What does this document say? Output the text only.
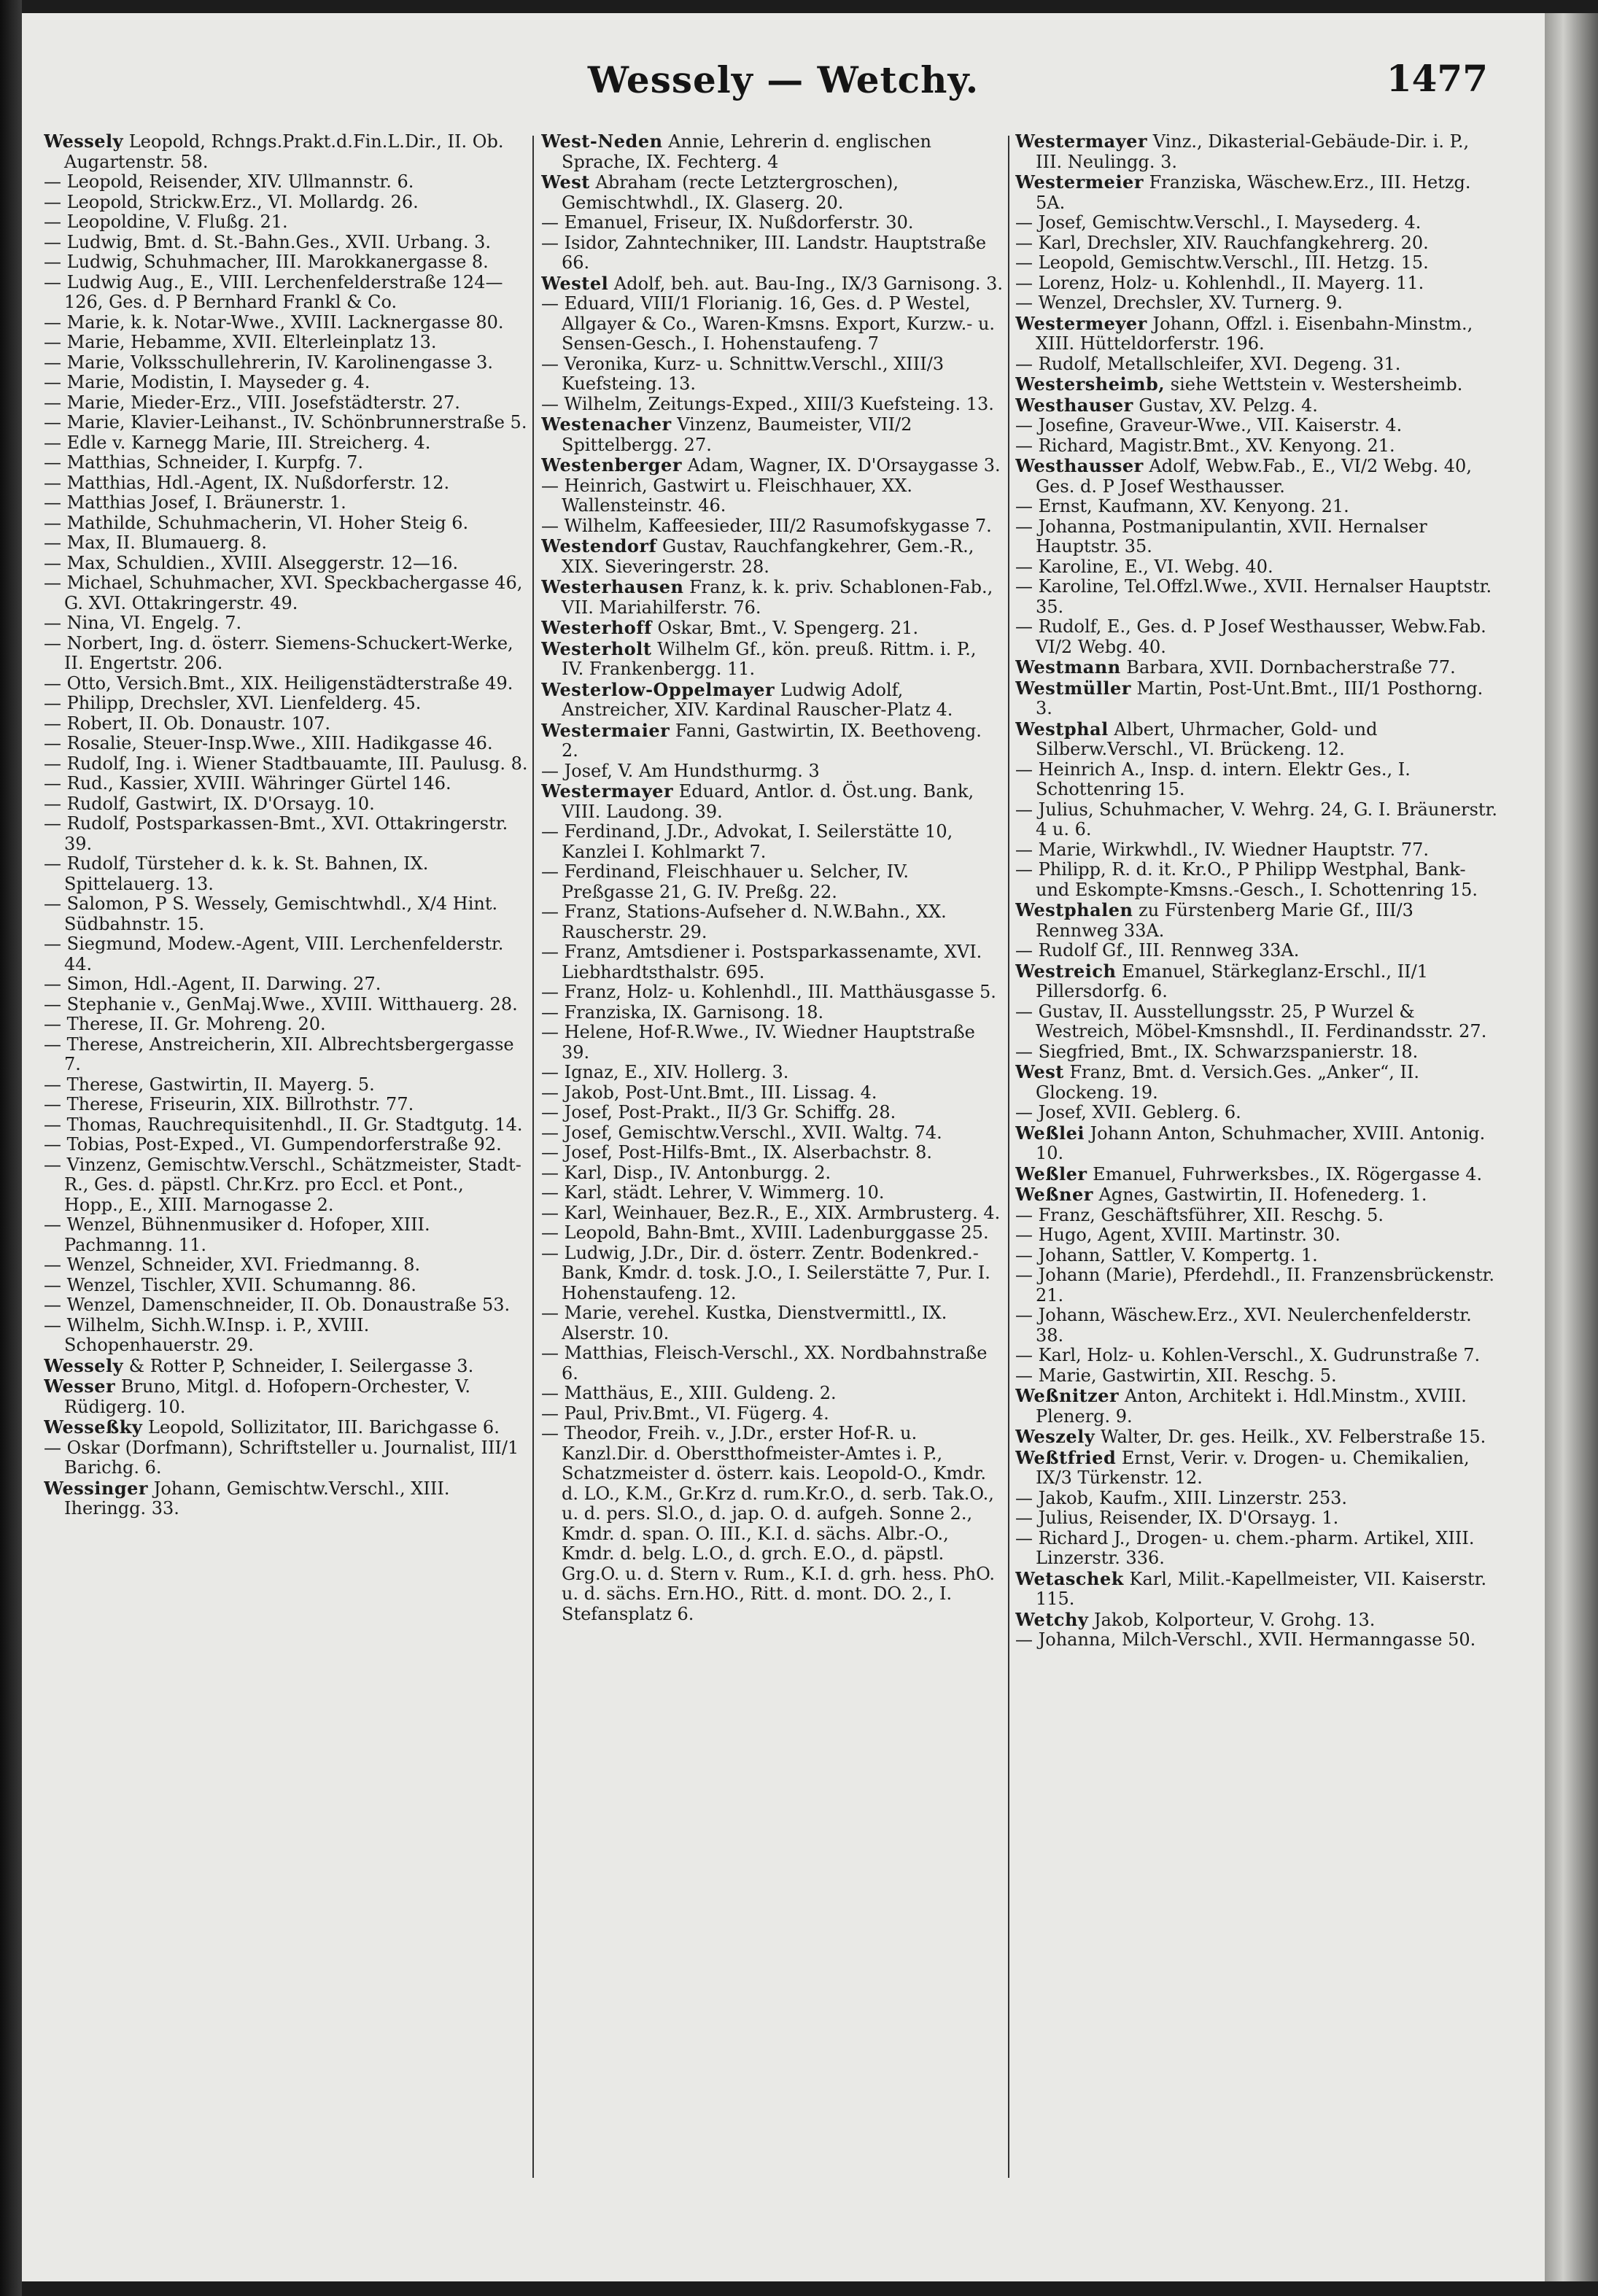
Wessely — Wetchy.	1477

Wessely Leopold, Rchngs.Prakt.d.Fin.L.Dir., II. Ob. Augartenstr. 58.

— Leopold, Reisender, XIV. Ullmannstr. 6.

— Leopold, Strickw.Erz., VI. Mollardg. 26.

— Leopoldine, V. Flußg. 21.

— Ludwig, Bmt. d. St.-Bahn.Ges., XVII. Urbang. 3.

— Ludwig, Schuhmacher, III. Marokkanergasse 8.

— Ludwig Aug., E., VIII. Lerchenfelderstraße 124—126, Ges. d. P Bernhard Frankl & Co.

— Marie, k. k. Notar-Wwe., XVIII. Lacknergasse 80.

— Marie, Hebamme, XVII. Elterleinplatz 13.

— Marie, Volksschullehrerin, IV. Karolinengasse 3.

— Marie, Modistin, I. Mayseder g. 4.

— Marie, Mieder-Erz., VIII. Josefstädterstr. 27.

— Marie, Klavier-Leihanst., IV. Schönbrunnerstraße 5.

— Edle v. Karnegg Marie, III. Streicherg. 4.

— Matthias, Schneider, I. Kurpfg. 7.

— Matthias, Hdl.-Agent, IX. Nußdorferstr. 12.

— Matthias Josef, I. Bräunerstr. 1.

— Mathilde, Schuhmacherin, VI. Hoher Steig 6.

— Max, II. Blumauerg. 8.

— Max, Schuldien., XVIII. Alseggerstr. 12—16.

— Michael, Schuhmacher, XVI. Speckbachergasse 46, G. XVI. Ottakringerstr. 49.

— Nina, VI. Engelg. 7.

— Norbert, Ing. d. österr. Siemens-Schuckert-Werke, II. Engertstr. 206.

— Otto, Versich.Bmt., XIX. Heiligenstädterstraße 49.

— Philipp, Drechsler, XVI. Lienfelderg. 45.

— Robert, II. Ob. Donaustr. 107.

— Rosalie, Steuer-Insp.Wwe., XIII. Hadikgasse 46.

— Rudolf, Ing. i. Wiener Stadtbauamte, III. Paulusg. 8.

— Rud., Kassier, XVIII. Währinger Gürtel 146.

— Rudolf, Gastwirt, IX. D'Orsayg. 10.

— Rudolf, Postsparkassen-Bmt., XVI. Ottakringerstr. 39.

— Rudolf, Türsteher d. k. k. St. Bahnen, IX. Spittelauerg. 13.

— Salomon, P S. Wessely, Gemischtwhdl., X/4 Hint. Südbahnstr. 15.

— Siegmund, Modew.-Agent, VIII. Lerchenfelderstr. 44.

— Simon, Hdl.-Agent, II. Darwing. 27.

— Stephanie v., GenMaj.Wwe., XVIII. Witthauerg. 28.

— Therese, II. Gr. Mohreng. 20.

— Therese, Anstreicherin, XII. Albrechtsbergergasse 7.

— Therese, Gastwirtin, II. Mayerg. 5.

— Therese, Friseurin, XIX. Billrothstr. 77.

— Thomas, Rauchrequisitenhdl., II. Gr. Stadtgutg. 14.

— Tobias, Post-Exped., VI. Gumpendorferstraße 92.

— Vinzenz, Gemischtw.Verschl., Schätzmeister, Stadt-R., Ges. d. päpstl. Chr.Krz. pro Eccl. et Pont., Hopp., E., XIII. Marnogasse 2.

— Wenzel, Bühnenmusiker d. Hofoper, XIII. Pachmanng. 11.

— Wenzel, Schneider, XVI. Friedmanng. 8.

— Wenzel, Tischler, XVII. Schumanng. 86.

— Wenzel, Damenschneider, II. Ob. Donaustraße 53.

— Wilhelm, Sichh.W.Insp. i. P., XVIII. Schopenhauerstr. 29.

Wessely & Rotter P, Schneider, I. Seilergasse 3.

Wesser Bruno, Mitgl. d. Hofopern-Orchester, V. Rüdigerg. 10.

Wesseßky Leopold, Sollizitator, III. Barichgasse 6.

— Oskar (Dorfmann), Schriftsteller u. Journalist, III/1 Barichg. 6.

Wessinger Johann, Gemischtw.Verschl., XIII. Iheringg. 33.

West-Neden Annie, Lehrerin d. englischen Sprache, IX. Fechterg. 4

West Abraham (recte Letztergroschen), Gemischtwhdl., IX. Glaserg. 20.

— Emanuel, Friseur, IX. Nußdorferstr. 30.

— Isidor, Zahntechniker, III. Landstr. Hauptstraße 66.

Westel Adolf, beh. aut. Bau-Ing., IX/3 Garnisong. 3.

— Eduard, VIII/1 Florianig. 16, Ges. d. P Westel, Allgayer & Co., Waren-Kmsns. Export, Kurzw.- u. Sensen-Gesch., I. Hohenstaufeng. 7

— Veronika, Kurz- u. Schnittw.Verschl., XIII/3 Kuefsteing. 13.

— Wilhelm, Zeitungs-Exped., XIII/3 Kuefsteing. 13.

Westenacher Vinzenz, Baumeister, VII/2 Spittelbergg. 27.

Westenberger Adam, Wagner, IX. D'Orsaygasse 3.

— Heinrich, Gastwirt u. Fleischhauer, XX. Wallensteinstr. 46.

— Wilhelm, Kaffeesieder, III/2 Rasumofskygasse 7.

Westendorf Gustav, Rauchfangkehrer, Gem.-R., XIX. Sieveringerstr. 28.

Westerhausen Franz, k. k. priv. Schablonen-Fab., VII. Mariahilferstr. 76.

Westerhoff Oskar, Bmt., V. Spengerg. 21.

Westerholt Wilhelm Gf., kön. preuß. Rittm. i. P., IV. Frankenbergg. 11.

Westerlow-Oppelmayer Ludwig Adolf, Anstreicher, XIV. Kardinal Rauscher-Platz 4.

Westermaier Fanni, Gastwirtin, IX. Beethoveng. 2.

— Josef, V. Am Hundsthurmg. 3

Westermayer Eduard, Antlor. d. Öst.ung. Bank, VIII. Laudong. 39.

— Ferdinand, J.Dr., Advokat, I. Seilerstätte 10, Kanzlei I. Kohlmarkt 7.

— Ferdinand, Fleischhauer u. Selcher, IV. Preßgasse 21, G. IV. Preßg. 22.

— Franz, Stations-Aufseher d. N.W.Bahn., XX. Rauscherstr. 29.

— Franz, Amtsdiener i. Postsparkassenamte, XVI. Liebhardtsthalstr. 695.

— Franz, Holz- u. Kohlenhdl., III. Matthäusgasse 5.

— Franziska, IX. Garnisong. 18.

— Helene, Hof-R.Wwe., IV. Wiedner Hauptstraße 39.

— Ignaz, E., XIV. Hollerg. 3.

— Jakob, Post-Unt.Bmt., III. Lissag. 4.

— Josef, Post-Prakt., II/3 Gr. Schiffg. 28.

— Josef, Gemischtw.Verschl., XVII. Waltg. 74.

— Josef, Post-Hilfs-Bmt., IX. Alserbachstr. 8.

— Karl, Disp., IV. Antonburgg. 2.

— Karl, städt. Lehrer, V. Wimmerg. 10.

— Karl, Weinhauer, Bez.R., E., XIX. Armbrusterg. 4.

— Leopold, Bahn-Bmt., XVIII. Ladenburggasse 25.

— Ludwig, J.Dr., Dir. d. österr. Zentr. Bodenkred.-Bank, Kmdr. d. tosk. J.O., I. Seilerstätte 7, Pur. I. Hohenstaufeng. 12.

— Marie, verehel. Kustka, Dienstvermittl., IX. Alserstr. 10.

— Matthias, Fleisch-Verschl., XX. Nordbahnstraße 6.

— Matthäus, E., XIII. Guldeng. 2.

— Paul, Priv.Bmt., VI. Fügerg. 4.

— Theodor, Freih. v., J.Dr., erster Hof-R. u. Kanzl.Dir. d. Oberstthofmeister-Amtes i. P., Schatzmeister d. österr. kais. Leopold-O., Kmdr. d. LO., K.M., Gr.Krz d. rum.Kr.O., d. serb. Tak.O., u. d. pers. Sl.O., d. jap. O. d. aufgeh. Sonne 2., Kmdr. d. span. O. III., K.I. d. sächs. Albr.-O., Kmdr. d. belg. L.O., d. grch. E.O., d. päpstl. Grg.O. u. d. Stern v. Rum., K.I. d. grh. hess. PhO. u. d. sächs. Ern.HO., Ritt. d. mont. DO. 2., I. Stefansplatz 6.

Westermayer Vinz., Dikasterial-Gebäude-Dir. i. P., III. Neulingg. 3.

Westermeier Franziska, Wäschew.Erz., III. Hetzg. 5A.

— Josef, Gemischtw.Verschl., I. Maysederg. 4.

— Karl, Drechsler, XIV. Rauchfangkehrerg. 20.

— Leopold, Gemischtw.Verschl., III. Hetzg. 15.

— Lorenz, Holz- u. Kohlenhdl., II. Mayerg. 11.

— Wenzel, Drechsler, XV. Turnerg. 9.

Westermeyer Johann, Offzl. i. Eisenbahn-Minstm., XIII. Hütteldorferstr. 196.

— Rudolf, Metallschleifer, XVI. Degeng. 31.

Westersheimb, siehe Wettstein v. Westersheimb.

Westhauser Gustav, XV. Pelzg. 4.

— Josefine, Graveur-Wwe., VII. Kaiserstr. 4.

— Richard, Magistr.Bmt., XV. Kenyong. 21.

Westhausser Adolf, Webw.Fab., E., VI/2 Webg. 40, Ges. d. P Josef Westhausser.

— Ernst, Kaufmann, XV. Kenyong. 21.

— Johanna, Postmanipulantin, XVII. Hernalser Hauptstr. 35.

— Karoline, E., VI. Webg. 40.

— Karoline, Tel.Offzl.Wwe., XVII. Hernalser Hauptstr. 35.

— Rudolf, E., Ges. d. P Josef Westhausser, Webw.Fab. VI/2 Webg. 40.

Westmann Barbara, XVII. Dornbacherstraße 77.

Westmüller Martin, Post-Unt.Bmt., III/1 Posthorng. 3.

Westphal Albert, Uhrmacher, Gold- und Silberw.Verschl., VI. Brückeng. 12.

— Heinrich A., Insp. d. intern. Elektr Ges., I. Schottenring 15.

— Julius, Schuhmacher, V. Wehrg. 24, G. I. Bräunerstr. 4 u. 6.

— Marie, Wirkwhdl., IV. Wiedner Hauptstr. 77.

— Philipp, R. d. it. Kr.O., P Philipp Westphal, Bank- und Eskompte-Kmsns.-Gesch., I. Schottenring 15.

Westphalen zu Fürstenberg Marie Gf., III/3 Rennweg 33A.

— Rudolf Gf., III. Rennweg 33A.

Westreich Emanuel, Stärkeglanz-Erschl., II/1 Pillersdorfg. 6.

— Gustav, II. Ausstellungsstr. 25, P Wurzel & Westreich, Möbel-Kmsnshdl., II. Ferdinandsstr. 27.

— Siegfried, Bmt., IX. Schwarzspanierstr. 18.

West Franz, Bmt. d. Versich.Ges. „Anker“, II. Glockeng. 19.

— Josef, XVII. Geblerg. 6.

Weßlei Johann Anton, Schuhmacher, XVIII. Antonig. 10.

Weßler Emanuel, Fuhrwerksbes., IX. Rögergasse 4.

Weßner Agnes, Gastwirtin, II. Hofenederg. 1.

— Franz, Geschäftsführer, XII. Reschg. 5.

— Hugo, Agent, XVIII. Martinstr. 30.

— Johann, Sattler, V. Kompertg. 1.

— Johann (Marie), Pferdehdl., II. Franzensbrückenstr. 21.

— Johann, Wäschew.Erz., XVI. Neulerchenfelderstr. 38.

— Karl, Holz- u. Kohlen-Verschl., X. Gudrunstraße 7.

— Marie, Gastwirtin, XII. Reschg. 5.

Weßnitzer Anton, Architekt i. Hdl.Minstm., XVIII. Plenerg. 9.

Weszely Walter, Dr. ges. Heilk., XV. Felberstraße 15.

Weßtfried Ernst, Verir. v. Drogen- u. Chemikalien, IX/3 Türkenstr. 12.

— Jakob, Kaufm., XIII. Linzerstr. 253.

— Julius, Reisender, IX. D'Orsayg. 1.

— Richard J., Drogen- u. chem.-pharm. Artikel, XIII. Linzerstr. 336.

Wetaschek Karl, Milit.-Kapellmeister, VII. Kaiserstr. 115.

Wetchy Jakob, Kolporteur, V. Grohg. 13.

— Johanna, Milch-Verschl., XVII. Hermanngasse 50.
